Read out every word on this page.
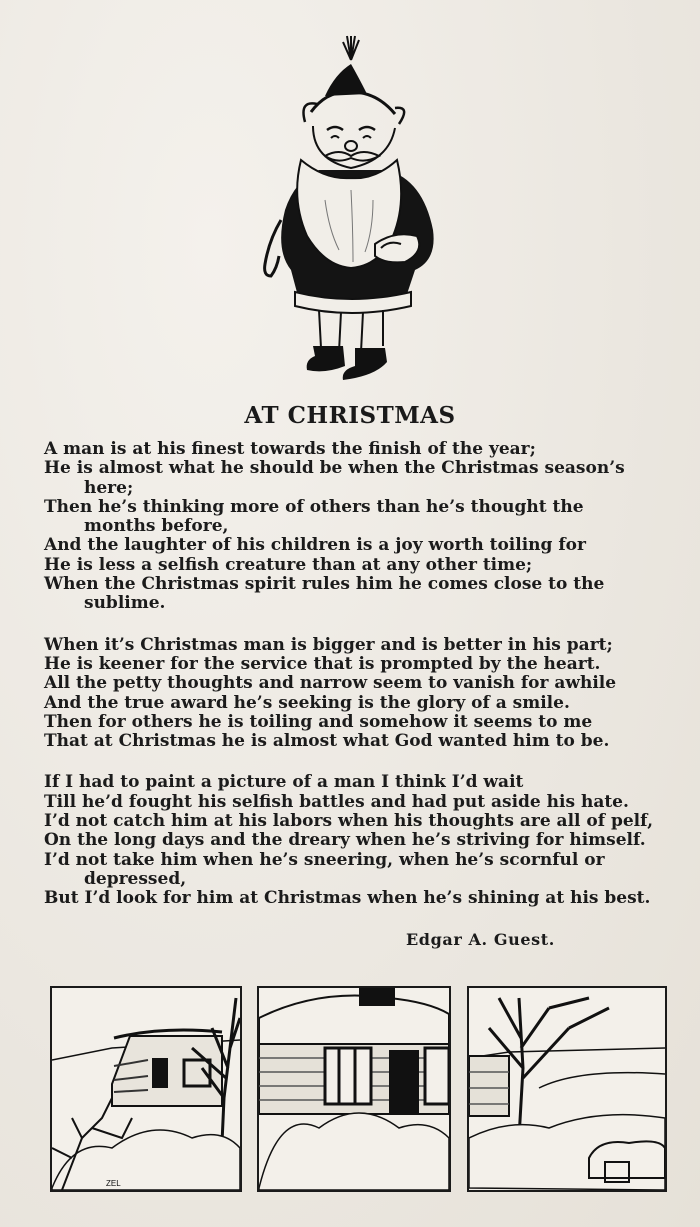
AT CHRISTMAS
A man is at his finest towards the finish of the year;
He is almost what he should be when the Christmas season’s
here;
Then he’s thinking more of others than he’s thought the
months before,
And the laughter of his children is a joy worth toiling for
He is less a selfish creature than at any other time;
When the Christmas spirit rules him he comes close to the
sublime.
When it’s Christmas man is bigger and is better in his part;
He is keener for the service that is prompted by the heart.
All the petty thoughts and narrow seem to vanish for awhile
And the true award he’s seeking is the glory of a smile.
Then for others he is toiling and somehow it seems to me
That at Christmas he is almost what God wanted him to be.
If I had to paint a picture of a man I think I’d wait
Till he’d fought his selfish battles and had put aside his hate.
I’d not catch him at his labors when his thoughts are all of pelf,
On the long days and the dreary when he’s striving for himself.
I’d not take him when he’s sneering, when he’s scornful or
depressed,
But I’d look for him at Christmas when he’s shining at his best.
Edgar A. Guest.
ZEL
